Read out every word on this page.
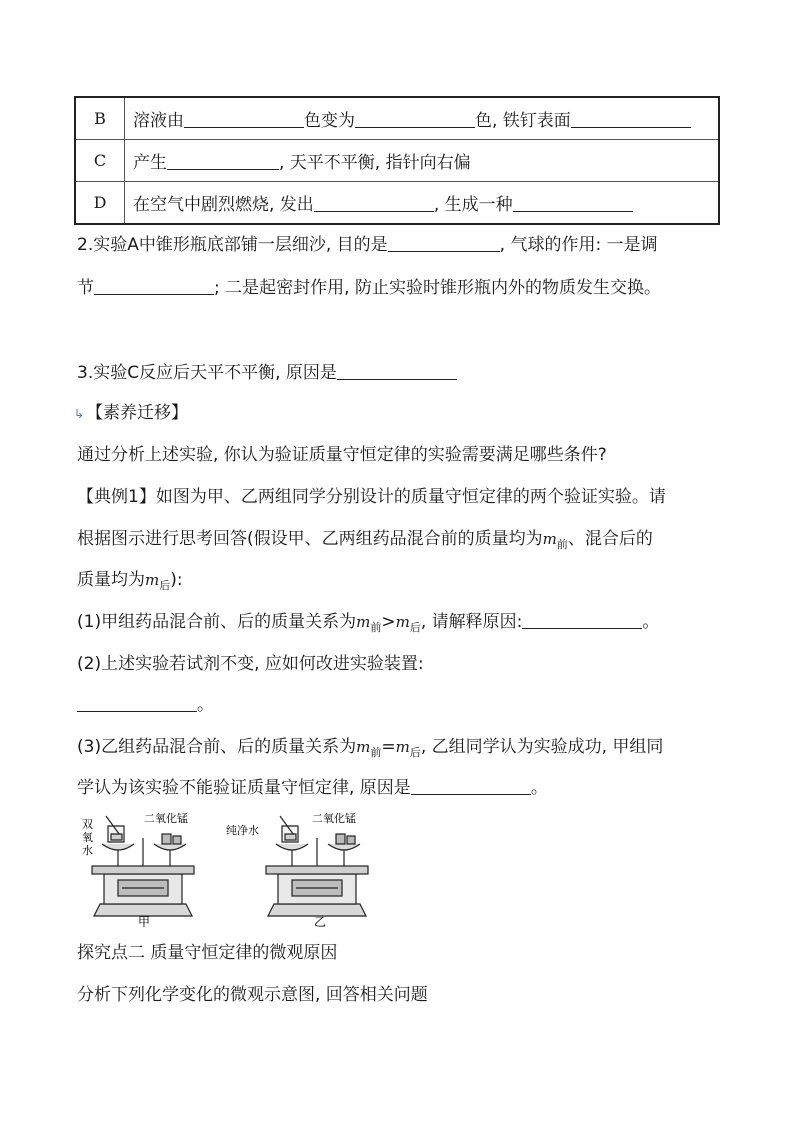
B	溶液由 色变为 色, 铁钉表面
C	产生 , 天平不平衡, 指针向右偏
D	在空气中剧烈燃烧, 发出 , 生成一种
2.实验A中锥形瓶底部铺一层细沙, 目的是	, 气球的作用: 一是调
节	; 二是起密封作用, 防止实验时锥形瓶内外的物质发生交换。
3.实验C反应后天平不平衡, 原因是
↳ 【素养迁移】
通过分析上述实验, 你认为验证质量守恒定律的实验需要满足哪些条件?
【典例1】如图为甲、乙两组同学分别设计的质量守恒定律的两个验证实验。请
根据图示进行思考回答(假设甲、乙两组药品混合前的质量均为$m_前$、混合后的
质量均为$m_后$):
(1)甲组药品混合前、后的质量关系为$m_前>m_后$, 请解释原因:	。
(2)上述实验若试剂不变, 应如何改进实验装置:
。
(3)乙组药品混合前、后的质量关系为$m_前=m_后$, 乙组同学认为实验成功, 甲组同
学认为该实验不能验证质量守恒定律, 原因是	。
二氧化锰
双
氧
水
甲
二氧化锰
纯净水
乙
探究点二 质量守恒定律的微观原因
分析下列化学变化的微观示意图, 回答相关问题
